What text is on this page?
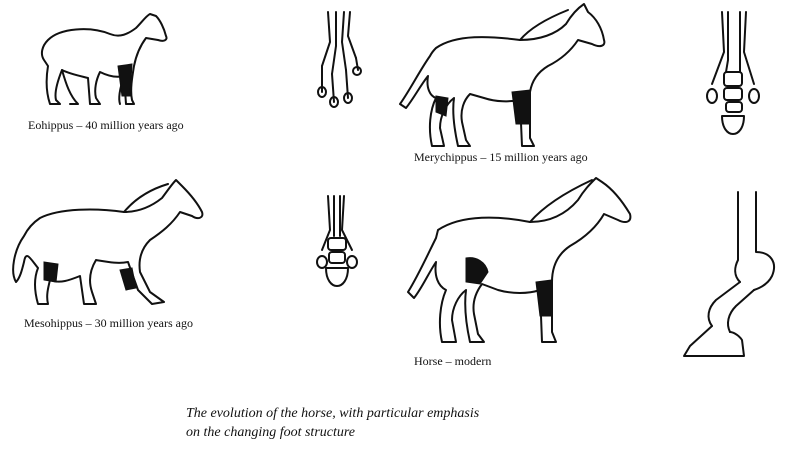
Eohippus – 40 million years ago
Merychippus – 15 million years ago
Mesohippus – 30 million years ago
Horse – modern
The evolution of the horse, with particular emphasis
on the changing foot structure
